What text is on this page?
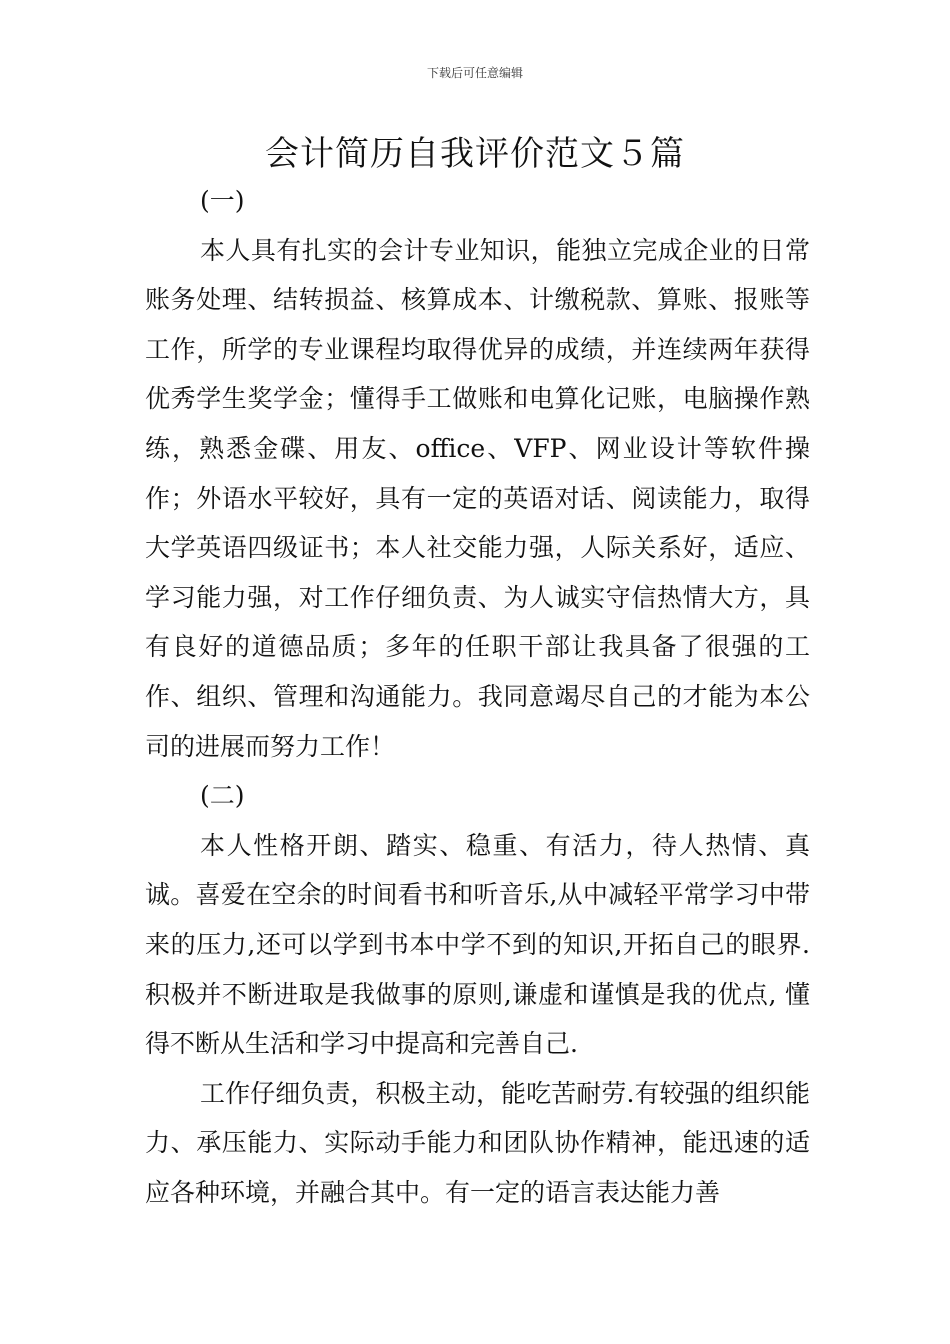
下载后可任意编辑
会计简历自我评价范文５篇

(一)

本人具有扎实的会计专业知识，能独立完成企业的日常账务处理、结转损益、核算成本、计缴税款、算账、报账等工作，所学的专业课程均取得优异的成绩，并连续两年获得优秀学生奖学金；懂得手工做账和电算化记账，电脑操作熟练，熟悉金碟、用友、office、VFP、网业设计等软件操作；外语水平较好，具有一定的英语对话、阅读能力，取得大学英语四级证书；本人社交能力强，人际关系好，适应、学习能力强，对工作仔细负责、为人诚实守信热情大方，具有良好的道德品质；多年的任职干部让我具备了很强的工作、组织、管理和沟通能力。我同意竭尽自己的才能为本公司的进展而努力工作！

(二)

本人性格开朗、踏实、稳重、有活力，待人热情、真诚。喜爱在空余的时间看书和听音乐,从中减轻平常学习中带来的压力,还可以学到书本中学不到的知识,开拓自己的眼界. 积极并不断进取是我做事的原则,谦虚和谨慎是我的优点, 懂得不断从生活和学习中提高和完善自己.

工作仔细负责，积极主动，能吃苦耐劳.有较强的组织能力、承压能力、实际动手能力和团队协作精神，能迅速的适应各种环境，并融合其中。有一定的语言表达能力善
